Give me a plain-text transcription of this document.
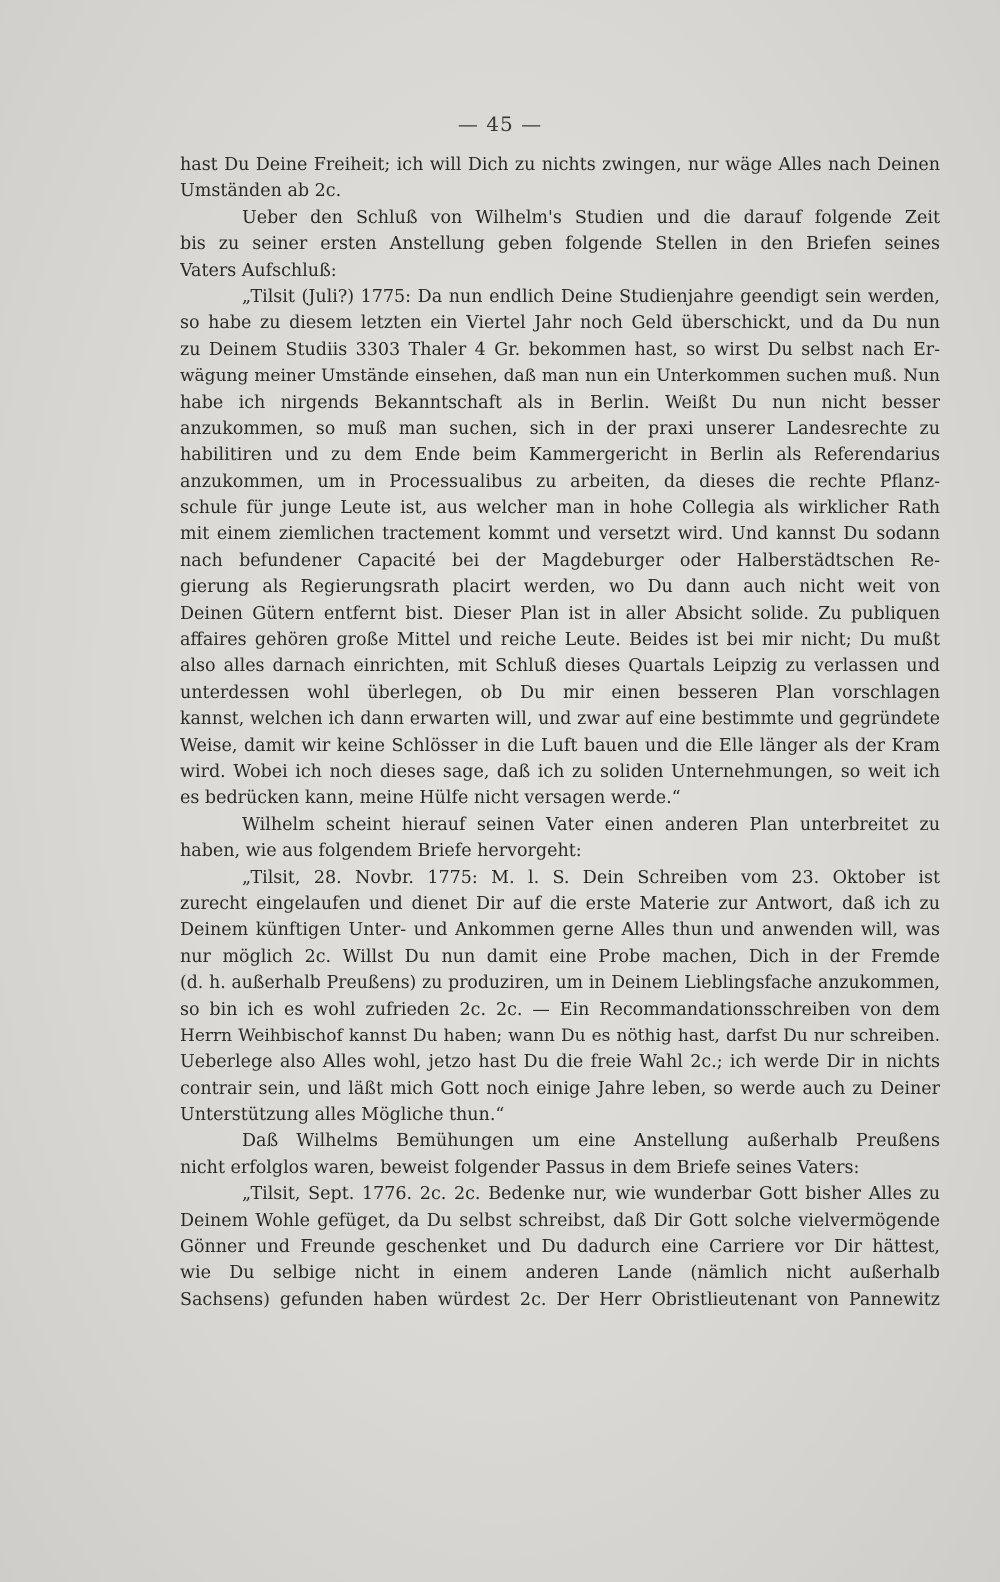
— 45 —
hast Du Deine Freiheit; ich will Dich zu nichts zwingen, nur wäge Alles nach Deinen
Umständen ab 2c.
Ueber den Schluß von Wilhelm's Studien und die darauf folgende Zeit
bis zu seiner ersten Anstellung geben folgende Stellen in den Briefen seines
Vaters Aufschluß:
„Tilsit (Juli?) 1775: Da nun endlich Deine Studienjahre geendigt sein werden,
so habe zu diesem letzten ein Viertel Jahr noch Geld überschickt, und da Du nun
zu Deinem Studiis 3303 Thaler 4 Gr. bekommen hast, so wirst Du selbst nach Er-
wägung meiner Umstände einsehen, daß man nun ein Unterkommen suchen muß. Nun
habe ich nirgends Bekanntschaft als in Berlin. Weißt Du nun nicht besser
anzukommen, so muß man suchen, sich in der praxi unserer Landesrechte zu
habilitiren und zu dem Ende beim Kammergericht in Berlin als Referendarius
anzukommen, um in Processualibus zu arbeiten, da dieses die rechte Pflanz-
schule für junge Leute ist, aus welcher man in hohe Collegia als wirklicher Rath
mit einem ziemlichen tractement kommt und versetzt wird. Und kannst Du sodann
nach befundener Capacité bei der Magdeburger oder Halberstädtschen Re-
gierung als Regierungsrath placirt werden, wo Du dann auch nicht weit von
Deinen Gütern entfernt bist. Dieser Plan ist in aller Absicht solide. Zu publiquen
affaires gehören große Mittel und reiche Leute. Beides ist bei mir nicht; Du mußt
also alles darnach einrichten, mit Schluß dieses Quartals Leipzig zu verlassen und
unterdessen wohl überlegen, ob Du mir einen besseren Plan vorschlagen
kannst, welchen ich dann erwarten will, und zwar auf eine bestimmte und gegründete
Weise, damit wir keine Schlösser in die Luft bauen und die Elle länger als der Kram
wird. Wobei ich noch dieses sage, daß ich zu soliden Unternehmungen, so weit ich
es bedrücken kann, meine Hülfe nicht versagen werde.“
Wilhelm scheint hierauf seinen Vater einen anderen Plan unterbreitet zu
haben, wie aus folgendem Briefe hervorgeht:
„Tilsit, 28. Novbr. 1775: M. l. S. Dein Schreiben vom 23. Oktober ist
zurecht eingelaufen und dienet Dir auf die erste Materie zur Antwort, daß ich zu
Deinem künftigen Unter- und Ankommen gerne Alles thun und anwenden will, was
nur möglich 2c. Willst Du nun damit eine Probe machen, Dich in der Fremde
(d. h. außerhalb Preußens) zu produziren, um in Deinem Lieblingsfache anzukommen,
so bin ich es wohl zufrieden 2c. 2c. — Ein Recommandationsschreiben von dem
Herrn Weihbischof kannst Du haben; wann Du es nöthig hast, darfst Du nur schreiben.
Ueberlege also Alles wohl, jetzo hast Du die freie Wahl 2c.; ich werde Dir in nichts
contrair sein, und läßt mich Gott noch einige Jahre leben, so werde auch zu Deiner
Unterstützung alles Mögliche thun.“
Daß Wilhelms Bemühungen um eine Anstellung außerhalb Preußens
nicht erfolglos waren, beweist folgender Passus in dem Briefe seines Vaters:
„Tilsit, Sept. 1776. 2c. 2c. Bedenke nur, wie wunderbar Gott bisher Alles zu
Deinem Wohle gefüget, da Du selbst schreibst, daß Dir Gott solche vielvermögende
Gönner und Freunde geschenket und Du dadurch eine Carriere vor Dir hättest,
wie Du selbige nicht in einem anderen Lande (nämlich nicht außerhalb
Sachsens) gefunden haben würdest 2c. Der Herr Obristlieutenant von Pannewitz
